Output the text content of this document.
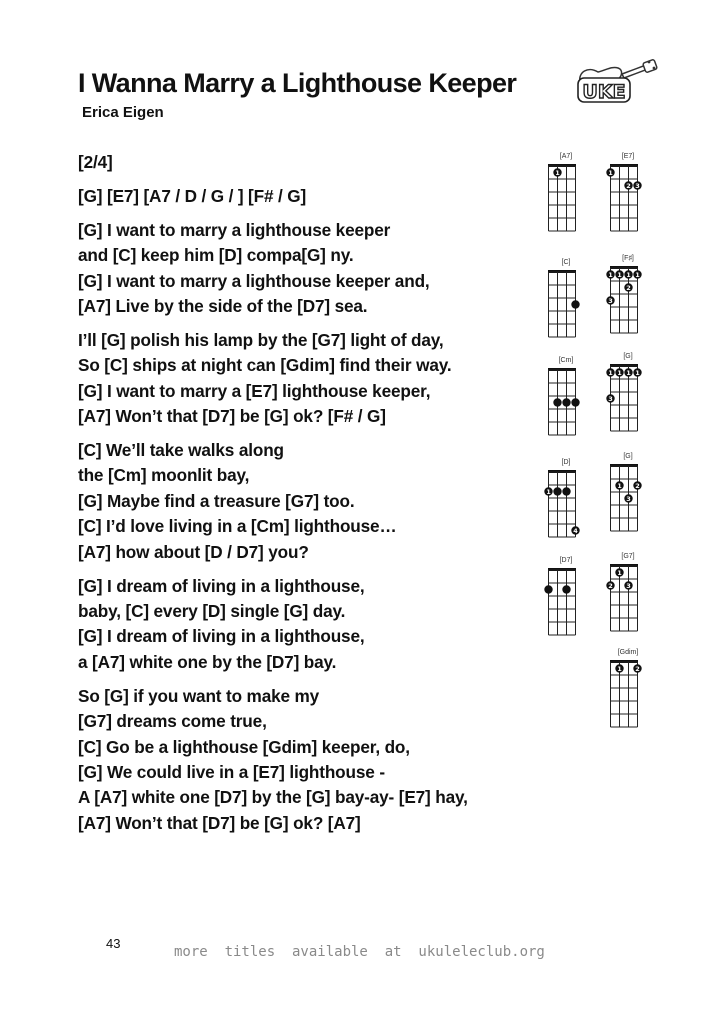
I Wanna Marry a Lighthouse Keeper
Erica Eigen
UKE
[2/4]
[G] [E7] [A7 / D / G / ] [F# / G]
[G] I want to marry a lighthouse keeper
and [C] keep him [D] compa[G] ny.
[G] I want to marry a lighthouse keeper and,
[A7] Live by the side of the [D7] sea.
I’ll [G] polish his lamp by the [G7] light of day,
So [C] ships at night can [Gdim] find their way.
[G] I want to marry a [E7] lighthouse keeper,
[A7] Won’t that [D7] be [G] ok? [F# / G]
[C] We’ll take walks along
the [Cm] moonlit bay,
[G] Maybe find a treasure [G7] too.
[C] I’d love living in a [Cm] lighthouse…
[A7] how about [D / D7] you?
[G] I dream of living in a lighthouse,
baby, [C] every [D] single [G] day.
[G] I dream of living in a lighthouse,
a [A7] white one by the [D7] bay.
So [G] if you want to make my
[G7] dreams come true,
[C] Go be a lighthouse [Gdim] keeper, do,
[G] We could live in a [E7] lighthouse -
A [A7] white one [D7] by the [G] bay-ay- [E7] hay,
[A7] Won’t that [D7] be [G] ok? [A7]
[A7]
1
[E7]
1
2 3
[C]
[F♯]
1 1 1 1
2
3
[Cm]
[G]
1 1 1 1
3
[D]
1
4
[G]
1 2
3
[D7]
[G7]
1
2 3
[Gdim]
1 2
43
more  titles  available  at  ukuleleclub.org
